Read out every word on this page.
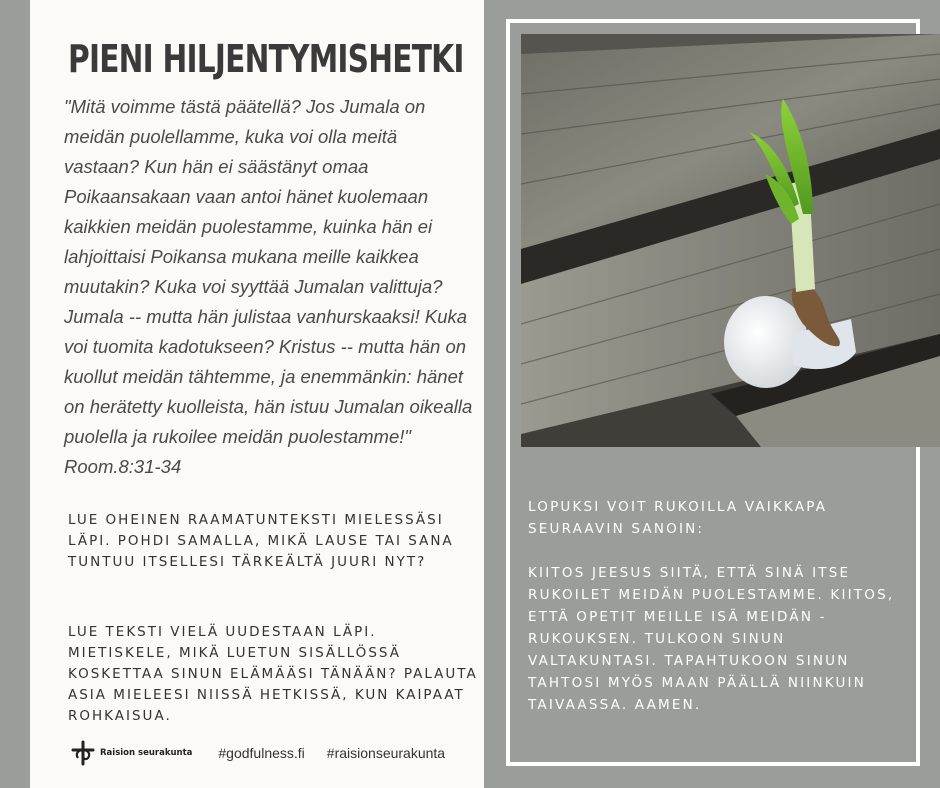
PIENI HILJENTYMISHETKI

"Mitä voimme tästä päätellä? Jos Jumala on meidän puolellamme, kuka voi olla meitä vastaan? Kun hän ei säästänyt omaa Poikaansakaan vaan antoi hänet kuolemaan kaikkien meidän puolestamme, kuinka hän ei lahjoittaisi Poikansa mukana meille kaikkea muutakin? Kuka voi syyttää Jumalan valittuja? Jumala -- mutta hän julistaa vanhurskaaksi! Kuka voi tuomita kadotukseen? Kristus -- mutta hän on kuollut meidän tähtemme, ja enemmänkin: hänet on herätetty kuolleista, hän istuu Jumalan oikealla puolella ja rukoilee meidän puolestamme!" Room.8:31-34

LUE OHEINEN RAAMATUNTEKSTI MIELESSÄSI LÄPI. POHDI SAMALLA, MIKÄ LAUSE TAI SANA TUNTUU ITSELLESI TÄRKEÄLTÄ JUURI NYT?

LUE TEKSTI VIELÄ UUDESTAAN LÄPI. MIETISKELE, MIKÄ LUETUN SISÄLLÖSSÄ KOSKETTAA SINUN ELÄMÄÄSI TÄNÄÄN? PALAUTA ASIA MIELEESI NIISSÄ HETKISSÄ, KUN KAIPAAT ROHKAISUA.

Raision seurakunta #godfulness.fi #raisionseurakunta

LOPUKSI VOIT RUKOILLA VAIKKAPA SEURAAVIN SANOIN:

KIITOS JEESUS SIITÄ, ETTÄ SINÄ ITSE RUKOILET MEIDÄN PUOLESTAMME. KIITOS, ETTÄ OPETIT MEILLE ISÄ MEIDÄN -RUKOUKSEN. TULKOON SINUN VALTAKUNTASI. TAPAHTUKOON SINUN TAHTOSI MYÖS MAAN PÄÄLLÄ NIINKUIN TAIVAASSA. AAMEN.
